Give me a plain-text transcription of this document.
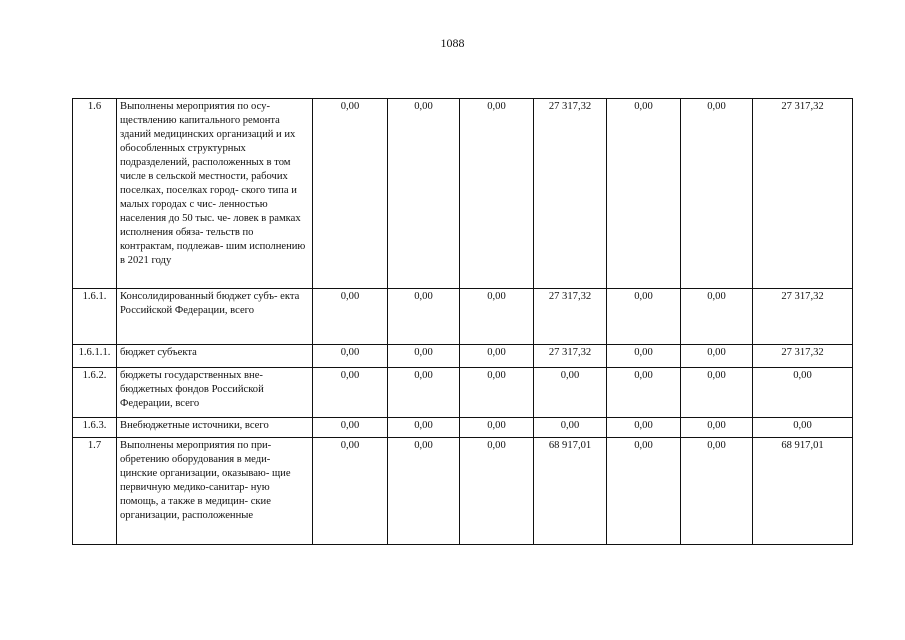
1088
1.6	Выполнены мероприятия по осу- ществлению капитального ремонта зданий медицинских организаций и их обособленных структурных подразделений, расположенных в том числе в сельской местности, рабочих поселках, поселках город- ского типа и малых городах с чис- ленностью населения до 50 тыс. че- ловек в рамках исполнения обяза- тельств по контрактам, подлежав- шим исполнению в 2021 году	0,00	0,00	0,00	27 317,32	0,00	0,00	27 317,32
1.6.1.	Консолидированный бюджет субъ- екта Российской Федерации, всего	0,00	0,00	0,00	27 317,32	0,00	0,00	27 317,32
1.6.1.1.	бюджет субъекта	0,00	0,00	0,00	27 317,32	0,00	0,00	27 317,32
1.6.2.	бюджеты государственных вне- бюджетных фондов Российской Федерации, всего	0,00	0,00	0,00	0,00	0,00	0,00	0,00
1.6.3.	Внебюджетные источники, всего	0,00	0,00	0,00	0,00	0,00	0,00	0,00
1.7	Выполнены мероприятия по при- обретению оборудования в меди- цинские организации, оказываю- щие первичную медико-санитар- ную помощь, а также в медицин- ские организации, расположенные	0,00	0,00	0,00	68 917,01	0,00	0,00	68 917,01
